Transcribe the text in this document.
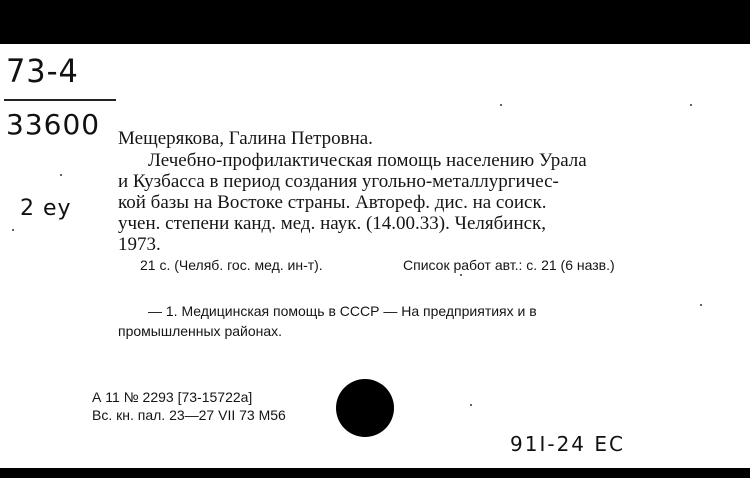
73-4
33600
2 ey
Мещерякова, Галина Петровна.
Лечебно-профилактическая помощь населению Урала
и Кузбасса в период создания угольно-металлургичес-
кой базы на Востоке страны. Автореф. дис. на соиск.
учен. степени канд. мед. наук. (14.00.33). Челябинск,
1973.
21 с. (Челяб. гос. мед. ин-т).	Список работ авт.: с. 21 (6 назв.)
— 1. Медицинская помощь в СССР — На предприятиях и в
промышленных районах.
А 11 № 2293 [73-15722а]
Вс. кн. пал. 23—27 VII 73 М56
91I-24 ЕС
